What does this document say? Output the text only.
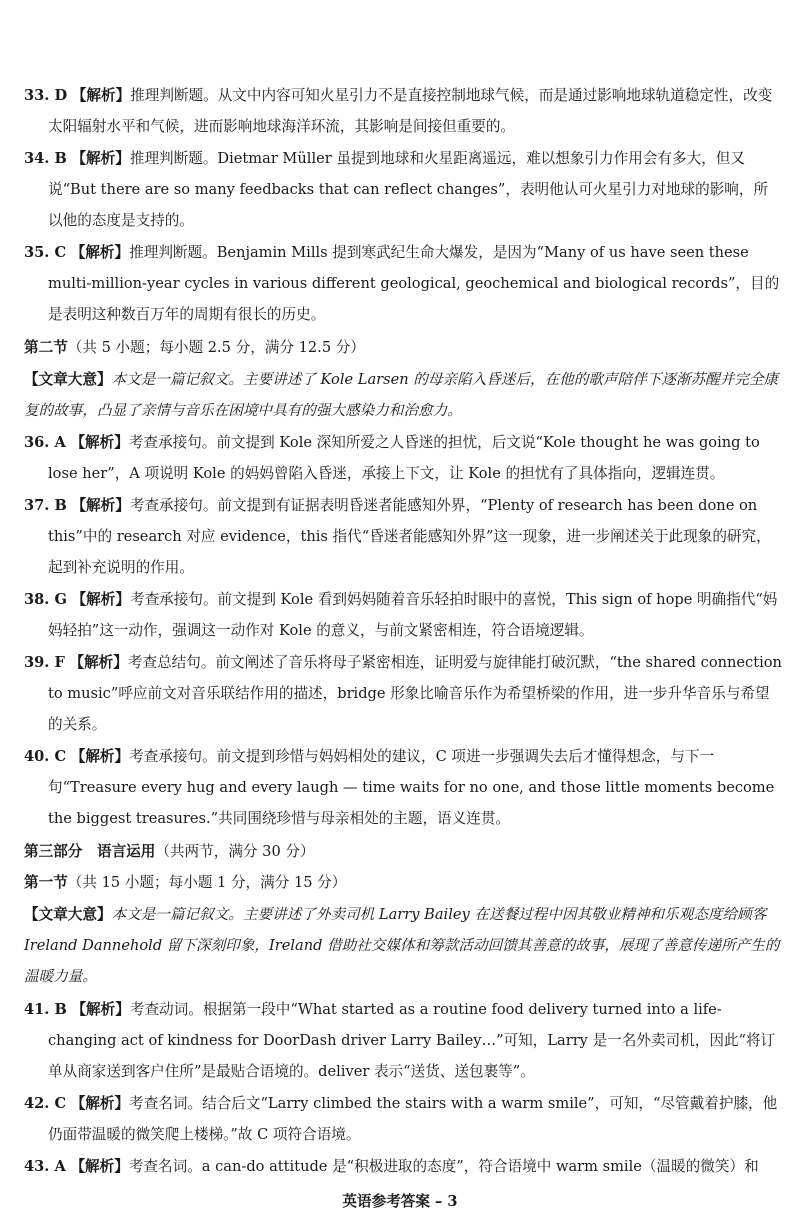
33. D 【解析】推理判断题。从文中内容可知火星引力不是直接控制地球气候，而是通过影响地球轨道稳定性，改变太阳辐射水平和气候，进而影响地球海洋环流，其影响是间接但重要的。
34. B 【解析】推理判断题。Dietmar Müller 虽提到地球和火星距离遥远，难以想象引力作用会有多大，但又说“But there are so many feedbacks that can reflect changes”，表明他认可火星引力对地球的影响，所以他的态度是支持的。
35. C 【解析】推理判断题。Benjamin Mills 提到寒武纪生命大爆发，是因为“Many of us have seen these multi-million-year cycles in various different geological, geochemical and biological records”，目的是表明这种数百万年的周期有很长的历史。
第二节（共 5 小题；每小题 2.5 分，满分 12.5 分）
【文章大意】本文是一篇记叙文。主要讲述了 Kole Larsen 的母亲陷入昏迷后，在他的歌声陪伴下逐渐苏醒并完全康复的故事，凸显了亲情与音乐在困境中具有的强大感染力和治愈力。
36. A 【解析】考查承接句。前文提到 Kole 深知所爱之人昏迷的担忧，后文说“Kole thought he was going to lose her”，A 项说明 Kole 的妈妈曾陷入昏迷，承接上下文，让 Kole 的担忧有了具体指向，逻辑连贯。
37. B 【解析】考查承接句。前文提到有证据表明昏迷者能感知外界，“Plenty of research has been done on this”中的 research 对应 evidence，this 指代“昏迷者能感知外界”这一现象，进一步阐述关于此现象的研究，起到补充说明的作用。
38. G 【解析】考查承接句。前文提到 Kole 看到妈妈随着音乐轻拍时眼中的喜悦，This sign of hope 明确指代“妈妈轻拍”这一动作，强调这一动作对 Kole 的意义，与前文紧密相连，符合语境逻辑。
39. F 【解析】考查总结句。前文阐述了音乐将母子紧密相连，证明爱与旋律能打破沉默，“the shared connection to music”呼应前文对音乐联结作用的描述，bridge 形象比喻音乐作为希望桥梁的作用，进一步升华音乐与希望的关系。
40. C 【解析】考查承接句。前文提到珍惜与妈妈相处的建议，C 项进一步强调失去后才懂得想念，与下一句“Treasure every hug and every laugh — time waits for no one, and those little moments become the biggest treasures.”共同围绕珍惜与母亲相处的主题，语义连贯。
第三部分　语言运用（共两节，满分 30 分）
第一节（共 15 小题；每小题 1 分，满分 15 分）
【文章大意】本文是一篇记叙文。主要讲述了外卖司机 Larry Bailey 在送餐过程中因其敬业精神和乐观态度给顾客 Ireland Dannehold 留下深刻印象，Ireland 借助社交媒体和筹款活动回馈其善意的故事，展现了善意传递所产生的温暖力量。
41. B 【解析】考查动词。根据第一段中“What started as a routine food delivery turned into a life-changing act of kindness for DoorDash driver Larry Bailey…”可知，Larry 是一名外卖司机，因此“将订单从商家送到客户住所”是最贴合语境的。deliver 表示“送货、送包裹等”。
42. C 【解析】考查名词。结合后文“Larry climbed the stairs with a warm smile”，可知，“尽管戴着护膝，他仍面带温暖的微笑爬上楼梯。”故 C 项符合语境。
43. A 【解析】考查名词。a can-do attitude 是“积极进取的态度”，符合语境中 warm smile（温暖的微笑）和
英语参考答案 – 3
